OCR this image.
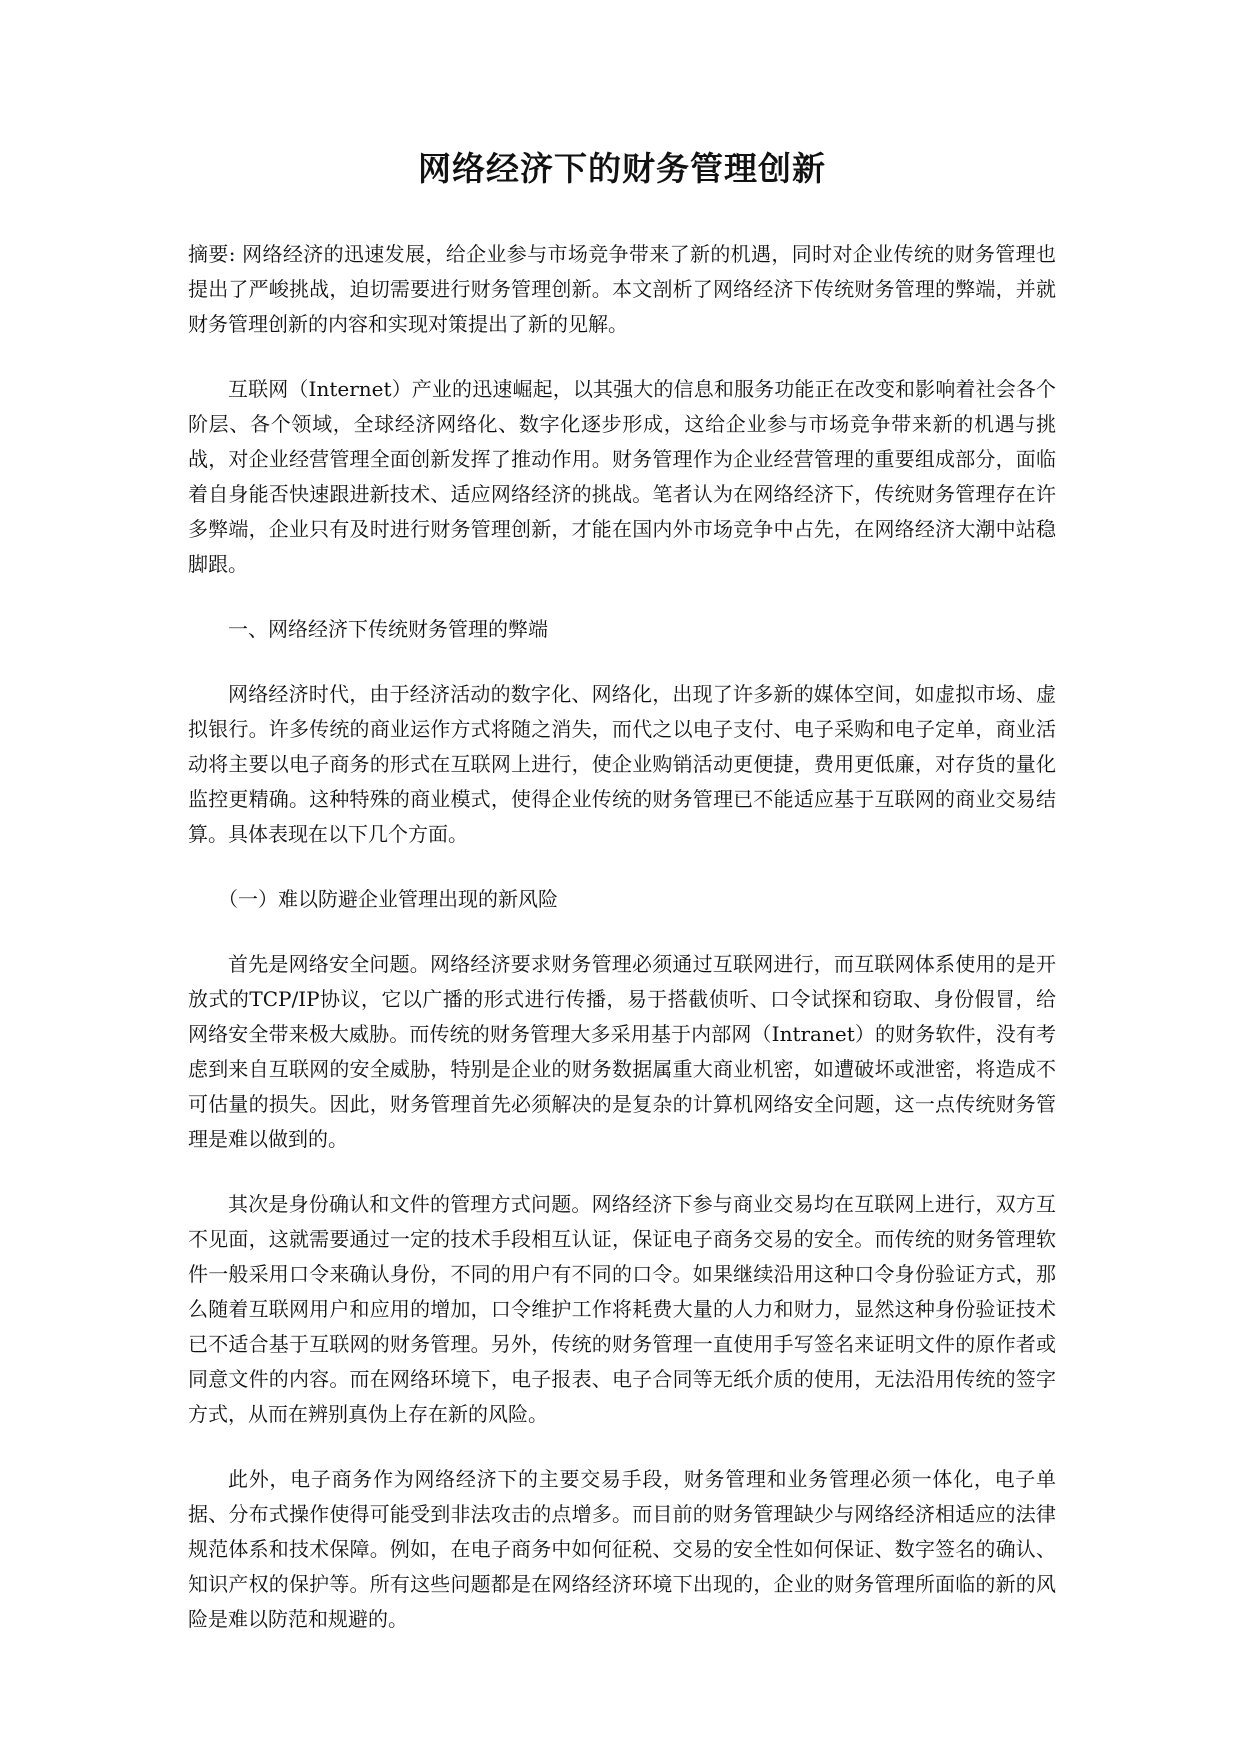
网络经济下的财务管理创新

摘要: 网络经济的迅速发展，给企业参与市场竞争带来了新的机遇，同时对企业传统的财务管理也提出了严峻挑战，迫切需要进行财务管理创新。本文剖析了网络经济下传统财务管理的弊端，并就财务管理创新的内容和实现对策提出了新的见解。

互联网（Internet）产业的迅速崛起，以其强大的信息和服务功能正在改变和影响着社会各个阶层、各个领域，全球经济网络化、数字化逐步形成，这给企业参与市场竞争带来新的机遇与挑战，对企业经营管理全面创新发挥了推动作用。财务管理作为企业经营管理的重要组成部分，面临着自身能否快速跟进新技术、适应网络经济的挑战。笔者认为在网络经济下，传统财务管理存在许多弊端，企业只有及时进行财务管理创新，才能在国内外市场竞争中占先，在网络经济大潮中站稳脚跟。

一、网络经济下传统财务管理的弊端

网络经济时代，由于经济活动的数字化、网络化，出现了许多新的媒体空间，如虚拟市场、虚拟银行。许多传统的商业运作方式将随之消失，而代之以电子支付、电子采购和电子定单，商业活动将主要以电子商务的形式在互联网上进行，使企业购销活动更便捷，费用更低廉，对存货的量化监控更精确。这种特殊的商业模式，使得企业传统的财务管理已不能适应基于互联网的商业交易结算。具体表现在以下几个方面。

（一）难以防避企业管理出现的新风险

首先是网络安全问题。网络经济要求财务管理必须通过互联网进行，而互联网体系使用的是开放式的TCP/IP协议，它以广播的形式进行传播，易于搭截侦听、口令试探和窃取、身份假冒，给网络安全带来极大威胁。而传统的财务管理大多采用基于内部网（Intranet）的财务软件，没有考虑到来自互联网的安全威胁，特别是企业的财务数据属重大商业机密，如遭破坏或泄密，将造成不可估量的损失。因此，财务管理首先必须解决的是复杂的计算机网络安全问题，这一点传统财务管理是难以做到的。

其次是身份确认和文件的管理方式问题。网络经济下参与商业交易均在互联网上进行，双方互不见面，这就需要通过一定的技术手段相互认证，保证电子商务交易的安全。而传统的财务管理软件一般采用口令来确认身份，不同的用户有不同的口令。如果继续沿用这种口令身份验证方式，那么随着互联网用户和应用的增加，口令维护工作将耗费大量的人力和财力，显然这种身份验证技术已不适合基于互联网的财务管理。另外，传统的财务管理一直使用手写签名来证明文件的原作者或同意文件的内容。而在网络环境下，电子报表、电子合同等无纸介质的使用，无法沿用传统的签字方式，从而在辨别真伪上存在新的风险。

此外，电子商务作为网络经济下的主要交易手段，财务管理和业务管理必须一体化，电子单据、分布式操作使得可能受到非法攻击的点增多。而目前的财务管理缺少与网络经济相适应的法律规范体系和技术保障。例如，在电子商务中如何征税、交易的安全性如何保证、数字签名的确认、知识产权的保护等。所有这些问题都是在网络经济环境下出现的，企业的财务管理所面临的新的风险是难以防范和规避的。
